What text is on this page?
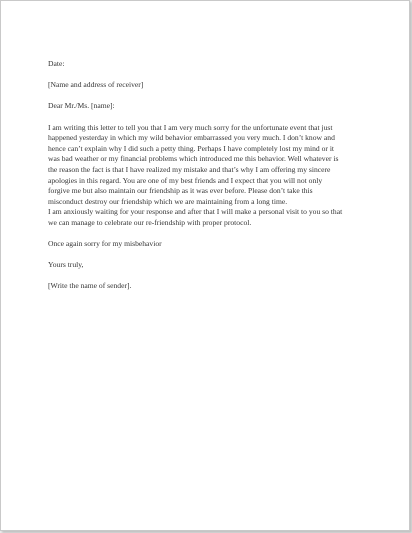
Date:
[Name and address of receiver]
Dear Mr./Ms. [name]:
I am writing this letter to tell you that I am very much sorry for the unfortunate event that just
happened yesterday in which my wild behavior embarrassed you very much. I don’t know and
hence can’t explain why I did such a petty thing. Perhaps I have completely lost my mind or it
was bad weather or my financial problems which introduced me this behavior. Well whatever is
the reason the fact is that I have realized my mistake and that’s why I am offering my sincere
apologies in this regard. You are one of my best friends and I expect that you will not only
forgive me but also maintain our friendship as it was ever before. Please don’t take this
misconduct destroy our friendship which we are maintaining from a long time.
I am anxiously waiting for your response and after that I will make a personal visit to you so that
we can manage to celebrate our re-friendship with proper protocol.
Once again sorry for my misbehavior
Yours truly,
[Write the name of sender].
